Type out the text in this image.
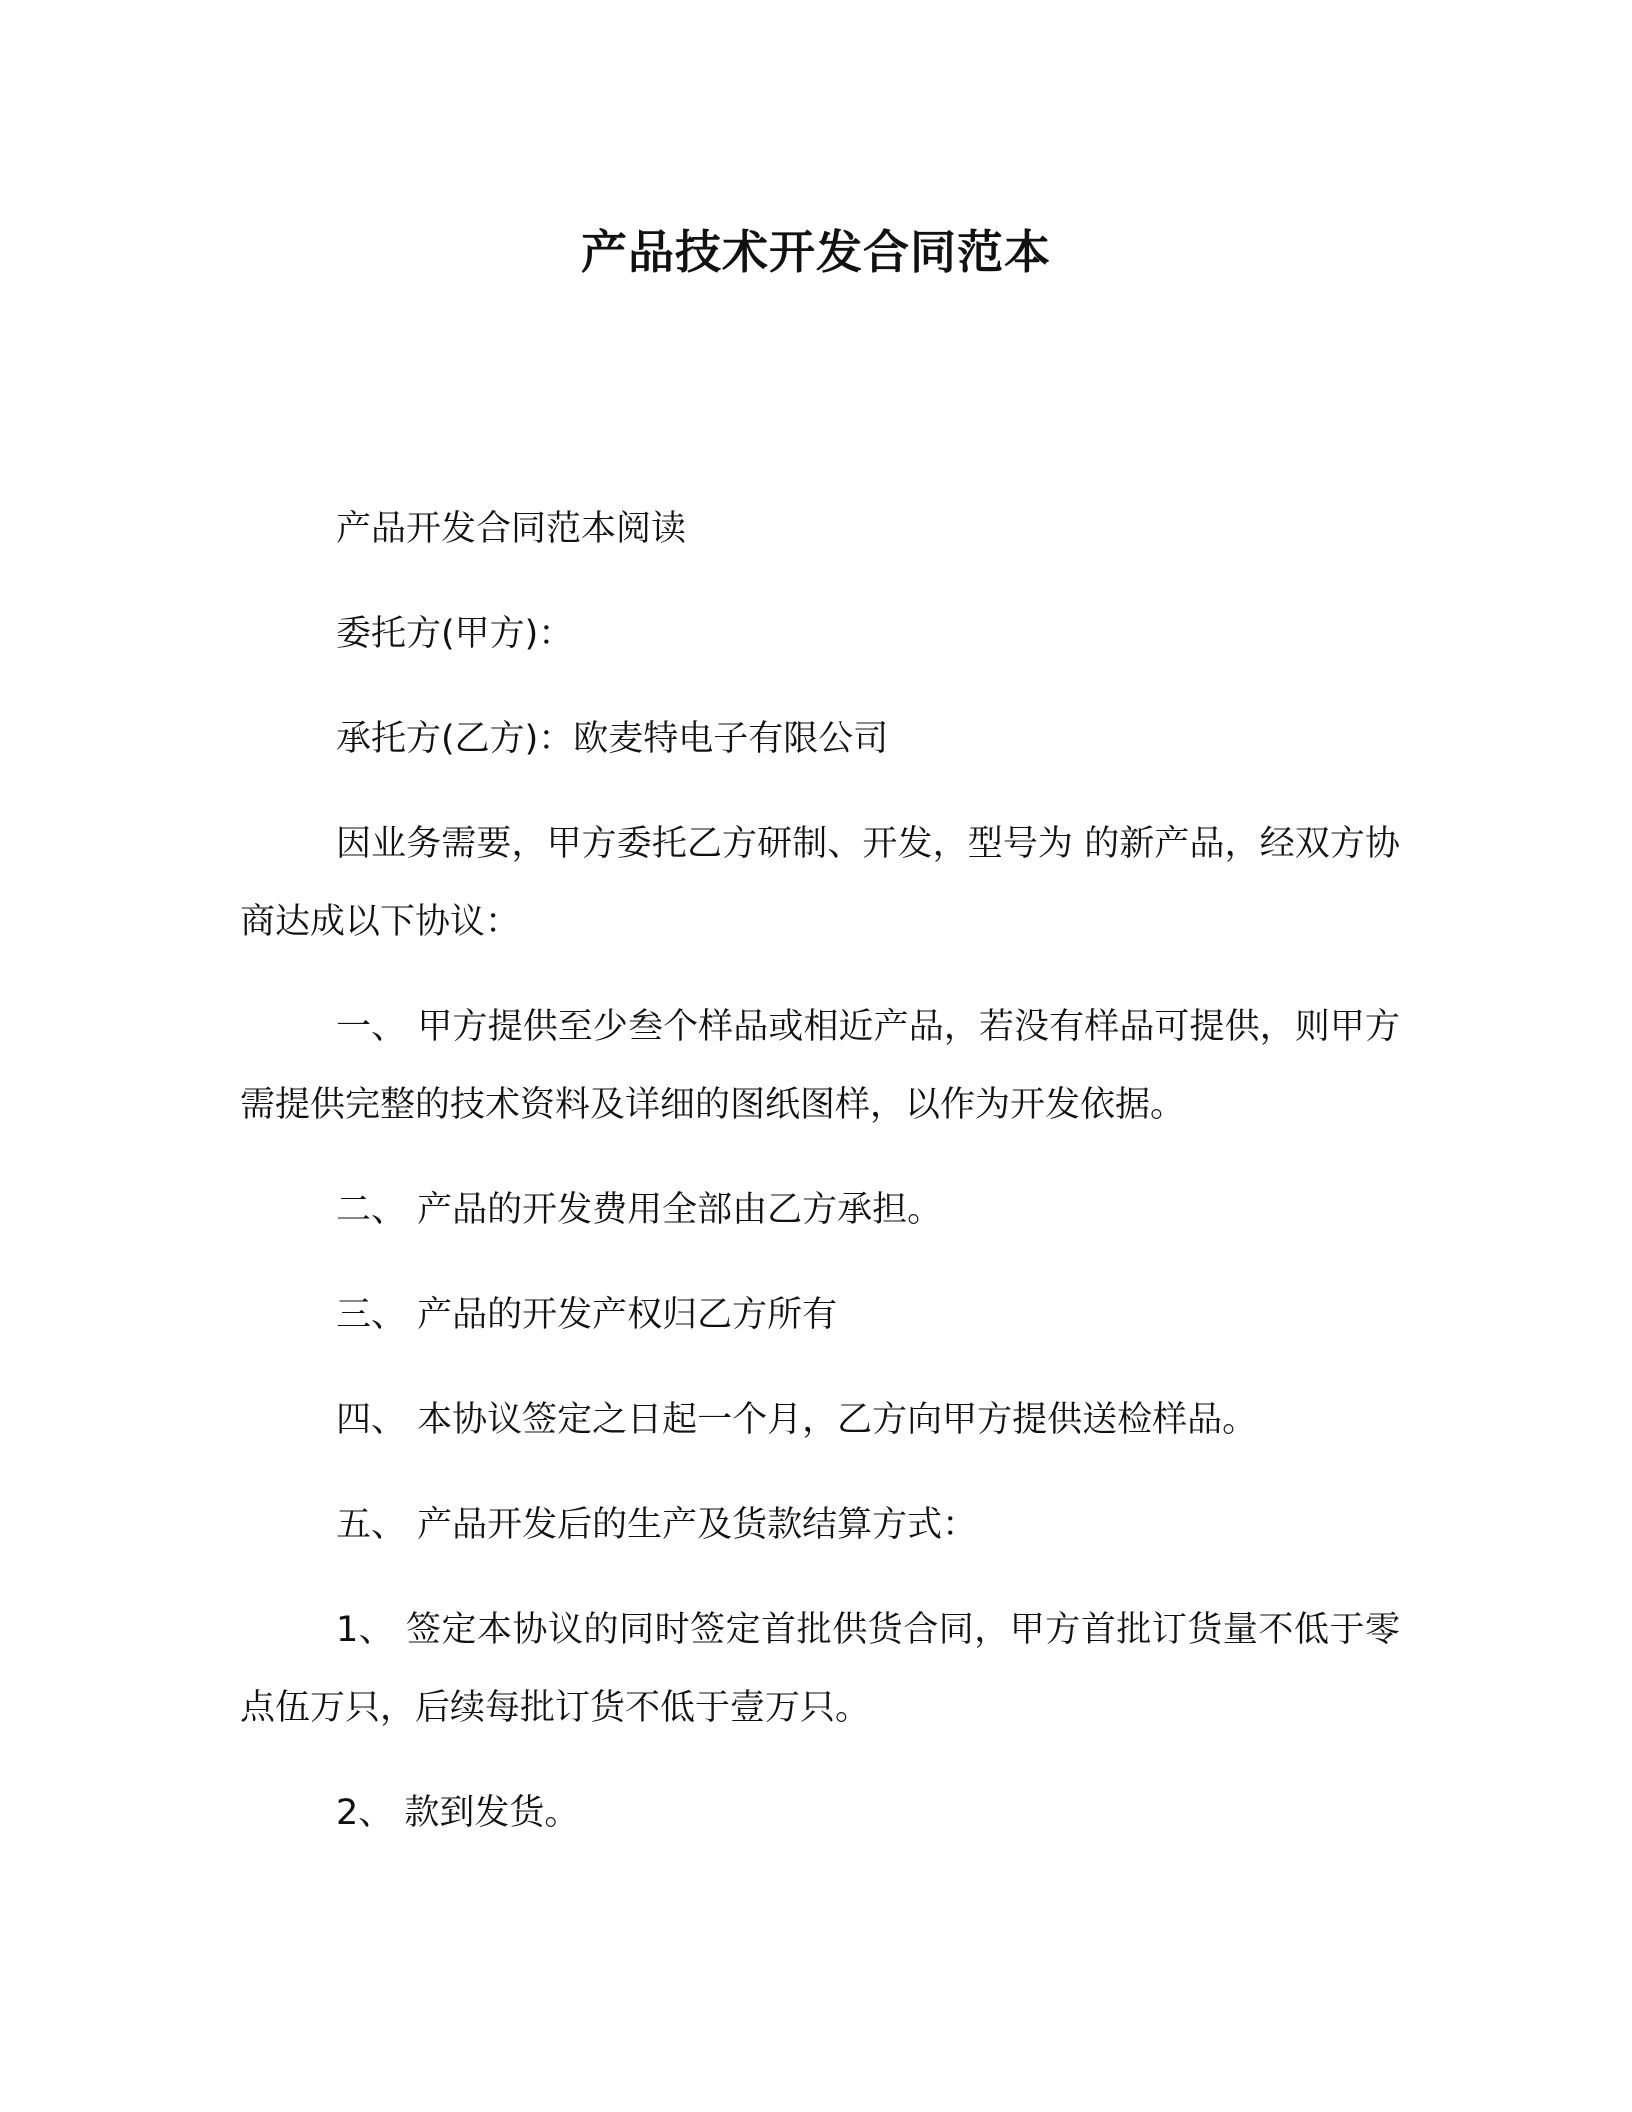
产品技术开发合同范本

产品开发合同范本阅读

委托方(甲方)：

承托方(乙方)：欧麦特电子有限公司

因业务需要，甲方委托乙方研制、开发，型号为 的新产品，经双方协商达成以下协议：

一、 甲方提供至少叁个样品或相近产品，若没有样品可提供，则甲方需提供完整的技术资料及详细的图纸图样，以作为开发依据。

二、 产品的开发费用全部由乙方承担。

三、 产品的开发产权归乙方所有

四、 本协议签定之日起一个月，乙方向甲方提供送检样品。

五、 产品开发后的生产及货款结算方式：

1、 签定本协议的同时签定首批供货合同，甲方首批订货量不低于零点伍万只，后续每批订货不低于壹万只。

2、 款到发货。
